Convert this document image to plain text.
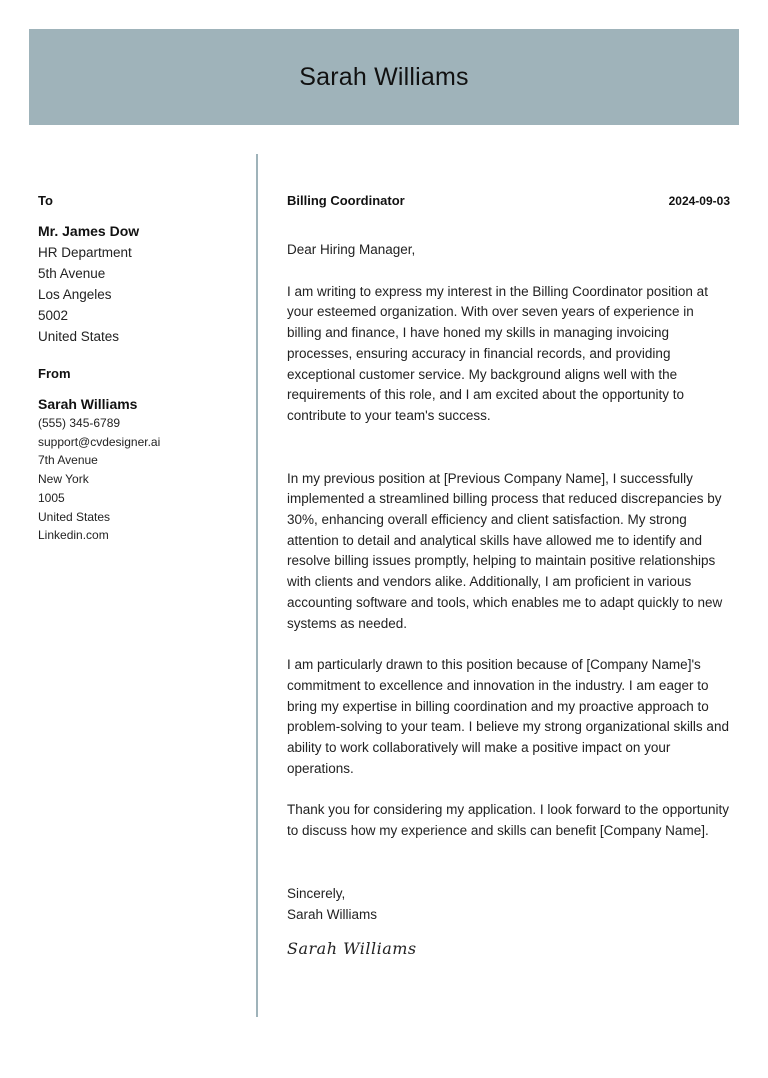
Sarah Williams
To
Mr. James Dow
HR Department
5th Avenue
Los Angeles
5002
United States
From
Sarah Williams
(555) 345-6789
support@cvdesigner.ai
7th Avenue
New York
1005
United States
Linkedin.com
Billing Coordinator	2024-09-03
Dear Hiring Manager,

I am writing to express my interest in the Billing Coordinator position at your esteemed organization. With over seven years of experience in billing and finance, I have honed my skills in managing invoicing processes, ensuring accuracy in financial records, and providing exceptional customer service. My background aligns well with the requirements of this role, and I am excited about the opportunity to contribute to your team's success.

In my previous position at [Previous Company Name], I successfully implemented a streamlined billing process that reduced discrepancies by 30%, enhancing overall efficiency and client satisfaction. My strong attention to detail and analytical skills have allowed me to identify and resolve billing issues promptly, helping to maintain positive relationships with clients and vendors alike. Additionally, I am proficient in various accounting software and tools, which enables me to adapt quickly to new systems as needed.

I am particularly drawn to this position because of [Company Name]'s commitment to excellence and innovation in the industry. I am eager to bring my expertise in billing coordination and my proactive approach to problem-solving to your team. I believe my strong organizational skills and ability to work collaboratively will make a positive impact on your operations.

Thank you for considering my application. I look forward to the opportunity to discuss how my experience and skills can benefit [Company Name].

Sincerely,
Sarah Williams
Sarah Williams
